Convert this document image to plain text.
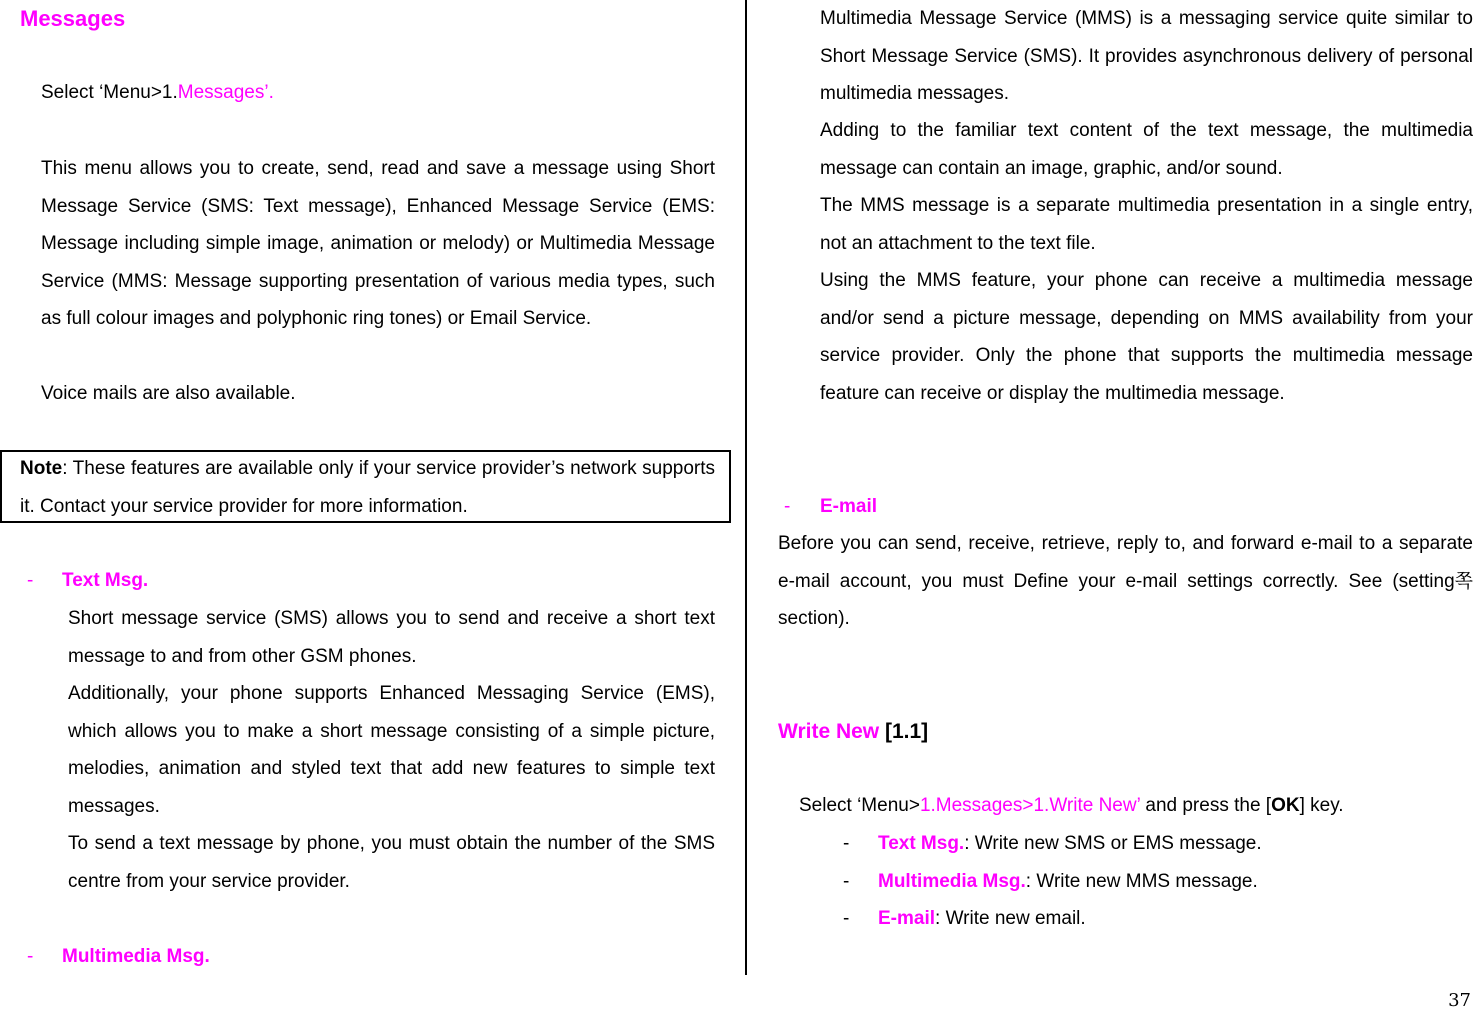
Messages
Select ‘Menu>1.Messages’.

This menu allows you to create, send, read and save a message using Short Message Service (SMS: Text message), Enhanced Message Service (EMS: Message including simple image, animation or melody) or Multimedia Message Service (MMS: Message supporting presentation of various media types, such as full colour images and polyphonic ring tones) or Email Service.

Voice mails are also available.

Note: These features are available only if your service provider’s network supports it. Contact your service provider for more information.

- Text Msg.

Short message service (SMS) allows you to send and receive a short text message to and from other GSM phones.

Additionally, your phone supports Enhanced Messaging Service (EMS), which allows you to make a short message consisting of a simple picture, melodies, animation and styled text that add new features to simple text messages.

To send a text message by phone, you must obtain the number of the SMS centre from your service provider.

- Multimedia Msg.

Multimedia Message Service (MMS) is a messaging service quite similar to Short Message Service (SMS). It provides asynchronous delivery of personal multimedia messages.

Adding to the familiar text content of the text message, the multimedia message can contain an image, graphic, and/or sound.

The MMS message is a separate multimedia presentation in a single entry, not an attachment to the text file.

Using the MMS feature, your phone can receive a multimedia message and/or send a picture message, depending on MMS availability from your service provider. Only the phone that supports the multimedia message feature can receive or display the multimedia message.

- E-mail

Before you can send, receive, retrieve, reply to, and forward e-mail to a separate e-mail account, you must Define your e-mail settings correctly. See (setting쪽 section).

Write New [1.1]
Select ‘Menu>1.Messages>1.Write New’ and press the [OK] key.
- Text Msg.: Write new SMS or EMS message.
- Multimedia Msg.: Write new MMS message.
- E-mail: Write new email.
37
